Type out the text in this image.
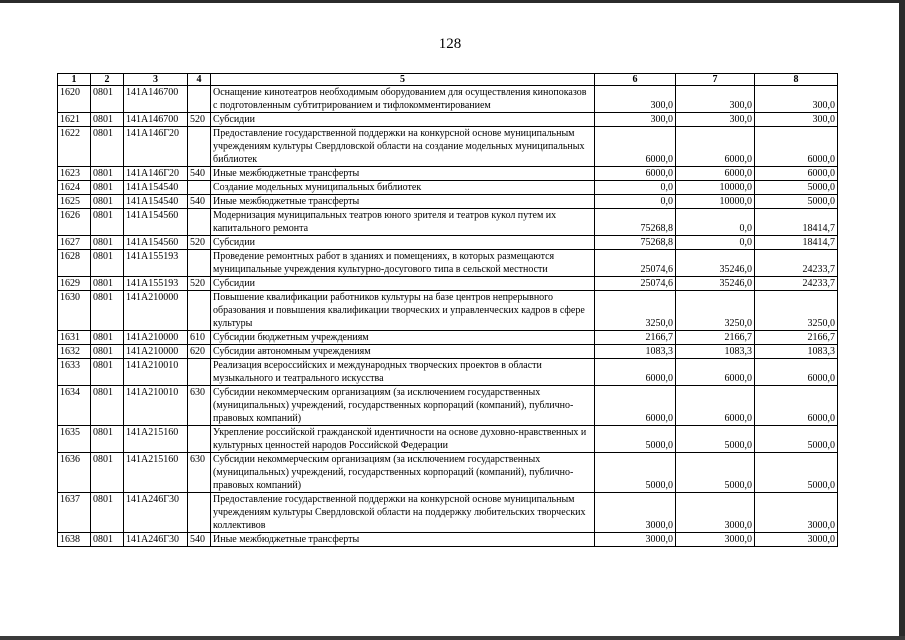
128
1	2	3	4	5	6	7	8
1620	0801	141A146700		Оснащение кинотеатров необходимым оборудованием для осуществления кинопоказов с подготовленным субтитрированием и тифлокомментированием	300,0	300,0	300,0
1621	0801	141A146700	520	Субсидии	300,0	300,0	300,0
1622	0801	141A146Г20		Предоставление государственной поддержки на конкурсной основе муниципальным учреждениям культуры Свердловской области на создание модельных муниципальных библиотек	6000,0	6000,0	6000,0
1623	0801	141A146Г20	540	Иные межбюджетные трансферты	6000,0	6000,0	6000,0
1624	0801	141A154540		Создание модельных муниципальных библиотек	0,0	10000,0	5000,0
1625	0801	141A154540	540	Иные межбюджетные трансферты	0,0	10000,0	5000,0
1626	0801	141A154560		Модернизация муниципальных театров юного зрителя и театров кукол путем их капитального ремонта	75268,8	0,0	18414,7
1627	0801	141A154560	520	Субсидии	75268,8	0,0	18414,7
1628	0801	141A155193		Проведение ремонтных работ в зданиях и помещениях, в которых размещаются муниципальные учреждения культурно-досугового типа в сельской местности	25074,6	35246,0	24233,7
1629	0801	141A155193	520	Субсидии	25074,6	35246,0	24233,7
1630	0801	141A210000		Повышение квалификации работников культуры на базе центров непрерывного образования и повышения квалификации творческих и управленческих кадров в сфере культуры	3250,0	3250,0	3250,0
1631	0801	141A210000	610	Субсидии бюджетным учреждениям	2166,7	2166,7	2166,7
1632	0801	141A210000	620	Субсидии автономным учреждениям	1083,3	1083,3	1083,3
1633	0801	141A210010		Реализация всероссийских и международных творческих проектов в области музыкального и театрального искусства	6000,0	6000,0	6000,0
1634	0801	141A210010	630	Субсидии некоммерческим организациям (за исключением государственных (муниципальных) учреждений, государственных корпораций (компаний), публично-правовых компаний)	6000,0	6000,0	6000,0
1635	0801	141A215160		Укрепление российской гражданской идентичности на основе духовно-нравственных и культурных ценностей народов Российской Федерации	5000,0	5000,0	5000,0
1636	0801	141A215160	630	Субсидии некоммерческим организациям (за исключением государственных (муниципальных) учреждений, государственных корпораций (компаний), публично-правовых компаний)	5000,0	5000,0	5000,0
1637	0801	141A246Г30		Предоставление государственной поддержки на конкурсной основе муниципальным учреждениям культуры Свердловской области на поддержку любительских творческих коллективов	3000,0	3000,0	3000,0
1638	0801	141A246Г30	540	Иные межбюджетные трансферты	3000,0	3000,0	3000,0
